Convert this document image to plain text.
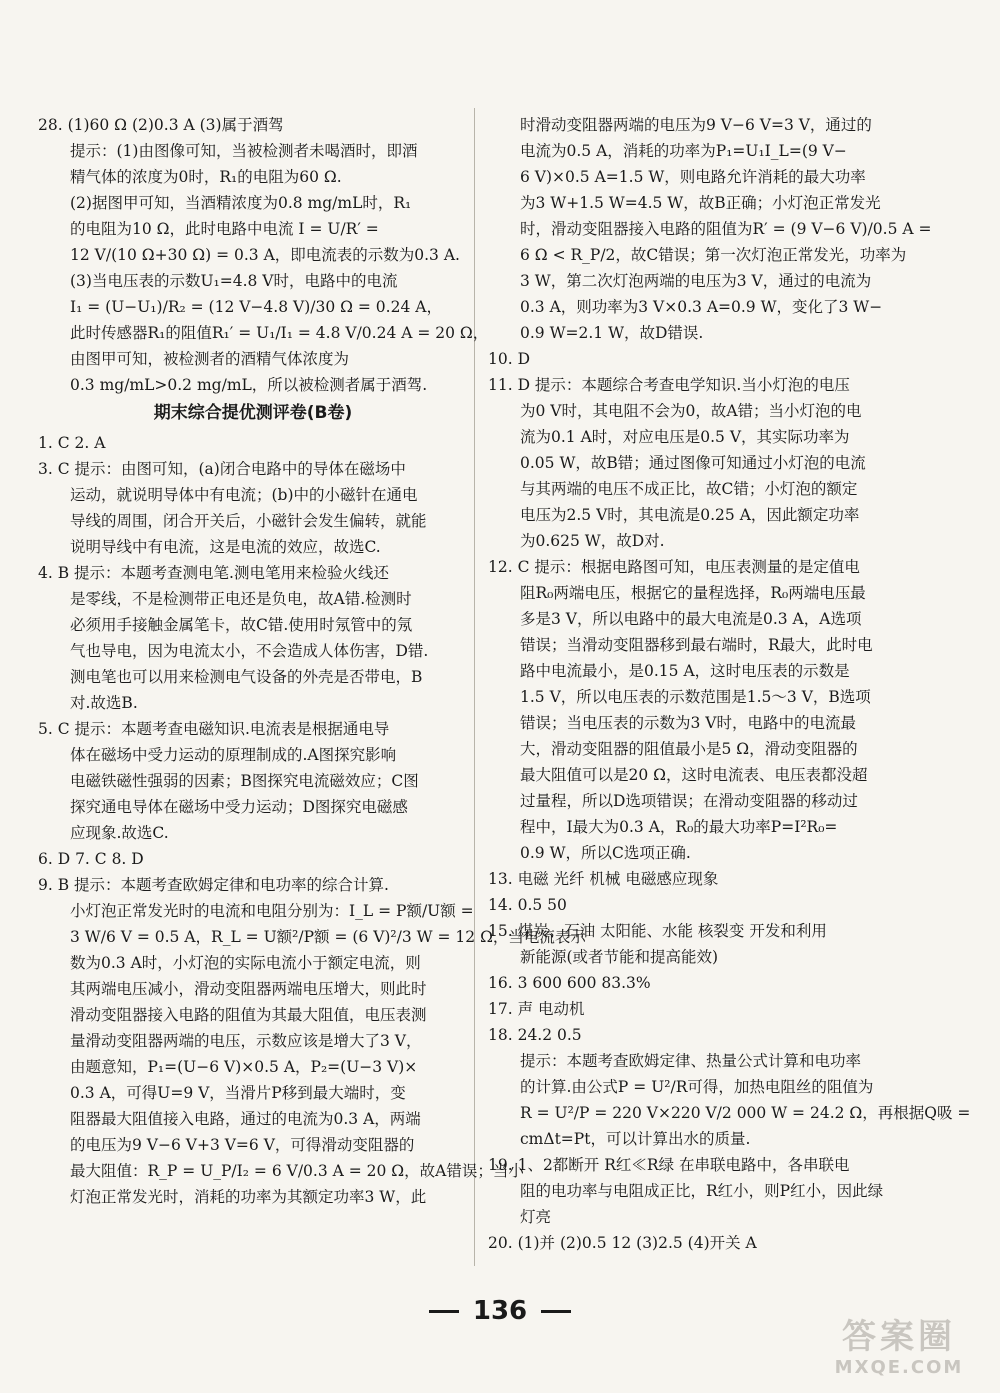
28. (1)60 Ω (2)0.3 A (3)属于酒驾
提示：(1)由图像可知，当被检测者未喝酒时，即酒
精气体的浓度为0时，R₁的电阻为60 Ω.
(2)据图甲可知，当酒精浓度为0.8 mg/mL时，R₁
的电阻为10 Ω，此时电路中电流 I = U/R′ =
12 V/(10 Ω+30 Ω) = 0.3 A，即电流表的示数为0.3 A.
(3)当电压表的示数U₁=4.8 V时，电路中的电流
I₁ = (U−U₁)/R₂ = (12 V−4.8 V)/30 Ω = 0.24 A，
此时传感器R₁的阻值R₁′ = U₁/I₁ = 4.8 V/0.24 A = 20 Ω，
由图甲可知，被检测者的酒精气体浓度为
0.3 mg/mL>0.2 mg/mL，所以被检测者属于酒驾.
期末综合提优测评卷(B卷)
1. C 2. A
3. C 提示：由图可知，(a)闭合电路中的导体在磁场中
运动，就说明导体中有电流；(b)中的小磁针在通电
导线的周围，闭合开关后，小磁针会发生偏转，就能
说明导线中有电流，这是电流的效应，故选C.
4. B 提示：本题考查测电笔.测电笔用来检验火线还
是零线，不是检测带正电还是负电，故A错.检测时
必须用手接触金属笔卡，故C错.使用时氖管中的氖
气也导电，因为电流太小，不会造成人体伤害，D错.
测电笔也可以用来检测电气设备的外壳是否带电，B
对.故选B.
5. C 提示：本题考查电磁知识.电流表是根据通电导
体在磁场中受力运动的原理制成的.A图探究影响
电磁铁磁性强弱的因素；B图探究电流磁效应；C图
探究通电导体在磁场中受力运动；D图探究电磁感
应现象.故选C.
6. D 7. C 8. D
9. B 提示：本题考查欧姆定律和电功率的综合计算.
小灯泡正常发光时的电流和电阻分别为：I_L = P额/U额 =
3 W/6 V = 0.5 A，R_L = U额²/P额 = (6 V)²/3 W = 12 Ω，当电流表示
数为0.3 A时，小灯泡的实际电流小于额定电流，则
其两端电压减小，滑动变阻器两端电压增大，则此时
滑动变阻器接入电路的阻值为其最大阻值，电压表测
量滑动变阻器两端的电压，示数应该是增大了3 V，
由题意知，P₁=(U−6 V)×0.5 A，P₂=(U−3 V)×
0.3 A，可得U=9 V，当滑片P移到最大端时，变
阻器最大阻值接入电路，通过的电流为0.3 A，两端
的电压为9 V−6 V+3 V=6 V，可得滑动变阻器的
最大阻值：R_P = U_P/I₂ = 6 V/0.3 A = 20 Ω，故A错误；当小
灯泡正常发光时，消耗的功率为其额定功率3 W，此
时滑动变阻器两端的电压为9 V−6 V=3 V，通过的
电流为0.5 A，消耗的功率为P₁=U₁I_L=(9 V−
6 V)×0.5 A=1.5 W，则电路允许消耗的最大功率
为3 W+1.5 W=4.5 W，故B正确；小灯泡正常发光
时，滑动变阻器接入电路的阻值为R′ = (9 V−6 V)/0.5 A =
6 Ω < R_P/2，故C错误；第一次灯泡正常发光，功率为
3 W，第二次灯泡两端的电压为3 V，通过的电流为
0.3 A，则功率为3 V×0.3 A=0.9 W，变化了3 W−
0.9 W=2.1 W，故D错误.
10. D
11. D 提示：本题综合考查电学知识.当小灯泡的电压
为0 V时，其电阻不会为0，故A错；当小灯泡的电
流为0.1 A时，对应电压是0.5 V，其实际功率为
0.05 W，故B错；通过图像可知通过小灯泡的电流
与其两端的电压不成正比，故C错；小灯泡的额定
电压为2.5 V时，其电流是0.25 A，因此额定功率
为0.625 W，故D对.
12. C 提示：根据电路图可知，电压表测量的是定值电
阻R₀两端电压，根据它的量程选择，R₀两端电压最
多是3 V，所以电路中的最大电流是0.3 A，A选项
错误；当滑动变阻器移到最右端时，R最大，此时电
路中电流最小，是0.15 A，这时电压表的示数是
1.5 V，所以电压表的示数范围是1.5～3 V，B选项
错误；当电压表的示数为3 V时，电路中的电流最
大，滑动变阻器的阻值最小是5 Ω，滑动变阻器的
最大阻值可以是20 Ω，这时电流表、电压表都没超
过量程，所以D选项错误；在滑动变阻器的移动过
程中，I最大为0.3 A，R₀的最大功率P=I²R₀=
0.9 W，所以C选项正确.
13. 电磁 光纤 机械 电磁感应现象
14. 0.5 50
15. 煤炭、石油 太阳能、水能 核裂变 开发和利用
新能源(或者节能和提高能效)
16. 3 600 600 83.3%
17. 声 电动机
18. 24.2 0.5
提示：本题考查欧姆定律、热量公式计算和电功率
的计算.由公式P = U²/R可得，加热电阻丝的阻值为
R = U²/P = 220 V×220 V/2 000 W = 24.2 Ω，再根据Q吸 =
cmΔt=Pt，可以计算出水的质量.
19. 1、2都断开 R红≪R绿 在串联电路中，各串联电
阻的电功率与电阻成正比，R红小，则P红小，因此绿
灯亮
20. (1)并 (2)0.5 12 (3)2.5 (4)开关 A
136
答案圈
MXQE.COM
